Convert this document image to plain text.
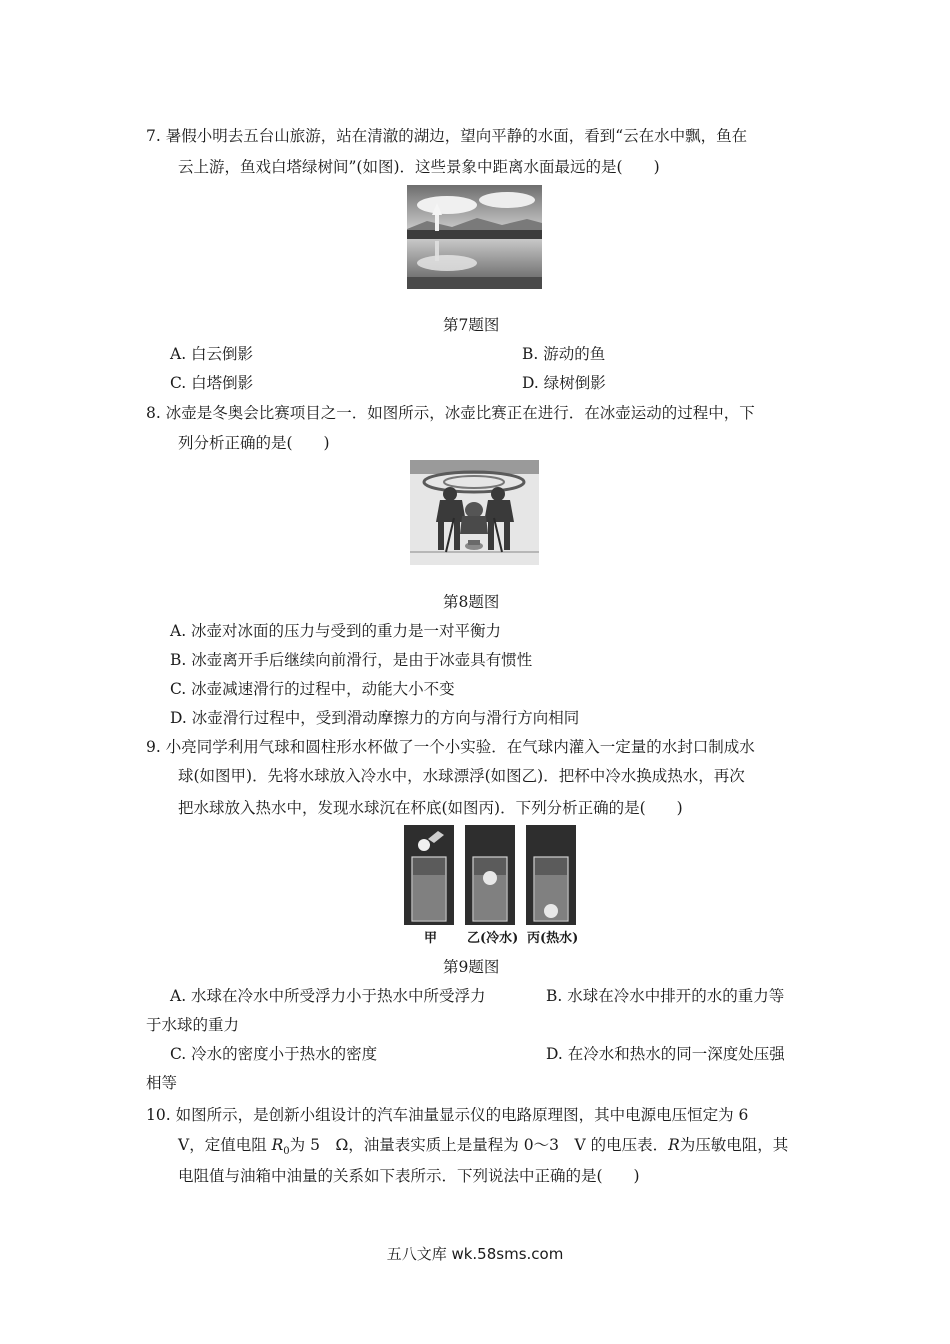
7. 暑假小明去五台山旅游，站在清澈的湖边，望向平静的水面，看到“云在水中飘，鱼在
云上游，鱼戏白塔绿树间”(如图)．这些景象中距离水面最远的是(　　)
第7题图
A. 白云倒影	B. 游动的鱼
C. 白塔倒影	D. 绿树倒影
8. 冰壶是冬奥会比赛项目之一．如图所示，冰壶比赛正在进行．在冰壶运动的过程中，下
列分析正确的是(　　)
第8题图
A. 冰壶对冰面的压力与受到的重力是一对平衡力
B. 冰壶离开手后继续向前滑行，是由于冰壶具有惯性
C. 冰壶减速滑行的过程中，动能大小不变
D. 冰壶滑行过程中，受到滑动摩擦力的方向与滑行方向相同
9. 小亮同学利用气球和圆柱形水杯做了一个小实验．在气球内灌入一定量的水封口制成水
球(如图甲)．先将水球放入冷水中，水球漂浮(如图乙)．把杯中冷水换成热水，再次
把水球放入热水中，发现水球沉在杯底(如图丙)．下列分析正确的是(　　)
甲 乙(冷水) 丙(热水)
第9题图
A. 水球在冷水中所受浮力小于热水中所受浮力	B. 水球在冷水中排开的水的重力等
于水球的重力
C. 冷水的密度小于热水的密度	D. 在冷水和热水的同一深度处压强
相等
10. 如图所示，是创新小组设计的汽车油量显示仪的电路原理图，其中电源电压恒定为 6
V，定值电阻 $R_0$为 5　Ω，油量表实质上是量程为 0～3　V 的电压表．R为压敏电阻，其
电阻值与油箱中油量的关系如下表所示．下列说法中正确的是(　　)
五八文库 wk.58sms.com
